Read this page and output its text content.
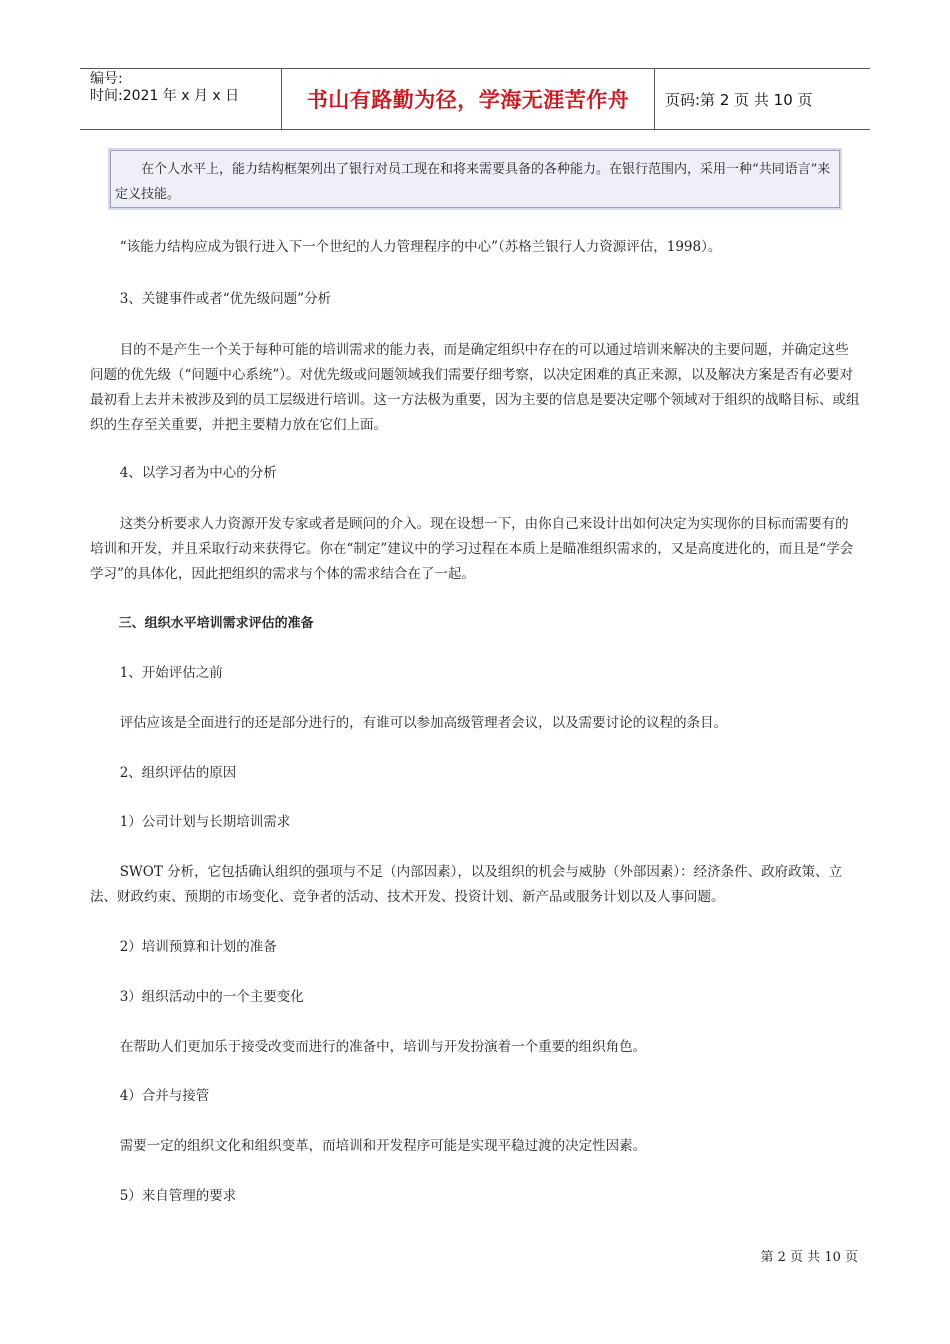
编号:
时间:2021 年 x 月 x 日	书山有路勤为径，学海无涯苦作舟	页码:第 2 页 共 10 页

在个人水平上，能力结构框架列出了银行对员工现在和将来需要具备的各种能力。在银行范围内，采用一种“共同语言”来定义技能。

“该能力结构应成为银行进入下一个世纪的人力管理程序的中心”（苏格兰银行人力资源评估，1998）。

3、关键事件或者“优先级问题”分析

目的不是产生一个关于每种可能的培训需求的能力表，而是确定组织中存在的可以通过培训来解决的主要问题，并确定这些问题的优先级（“问题中心系统”）。对优先级或问题领域我们需要仔细考察，以决定困难的真正来源，以及解决方案是否有必要对最初看上去并未被涉及到的员工层级进行培训。这一方法极为重要，因为主要的信息是要决定哪个领域对于组织的战略目标、或组织的生存至关重要，并把主要精力放在它们上面。

4、以学习者为中心的分析

这类分析要求人力资源开发专家或者是顾问的介入。现在设想一下，由你自己来设计出如何决定为实现你的目标而需要有的培训和开发，并且采取行动来获得它。你在“制定”建议中的学习过程在本质上是瞄准组织需求的，又是高度进化的，而且是“学会学习”的具体化，因此把组织的需求与个体的需求结合在了一起。

三、组织水平培训需求评估的准备

1、开始评估之前

评估应该是全面进行的还是部分进行的，有谁可以参加高级管理者会议，以及需要讨论的议程的条目。

2、组织评估的原因

1）公司计划与长期培训需求

SWOT 分析，它包括确认组织的强项与不足（内部因素），以及组织的机会与威胁（外部因素）：经济条件、政府政策、立法、财政约束、预期的市场变化、竞争者的活动、技术开发、投资计划、新产品或服务计划以及人事问题。

2）培训预算和计划的准备

3）组织活动中的一个主要变化

在帮助人们更加乐于接受改变而进行的准备中，培训与开发扮演着一个重要的组织角色。

4）合并与接管

需要一定的组织文化和组织变革，而培训和开发程序可能是实现平稳过渡的决定性因素。

5）来自管理的要求

第 2 页 共 10 页
